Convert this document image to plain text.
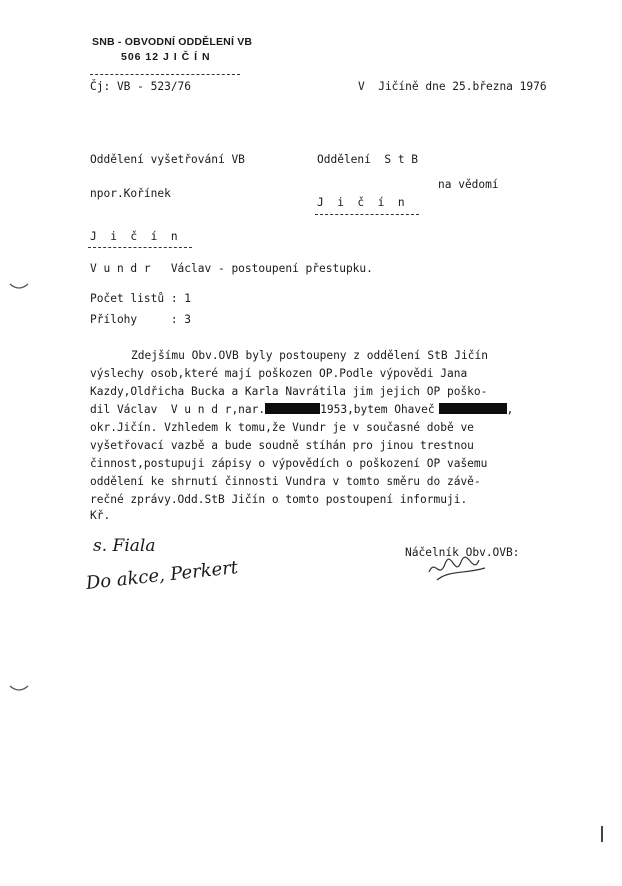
SNB - OBVODNÍ ODDĚLENÍ VB
506 12 J I Č Í N
Čj: VB - 523/76	V  Jičíně dne 25.března 1976
Oddělení vyšetřování VB	Oddělení  S t B
na vědomí
npor.Kořínek
J  i  č  í  n
J  i  č  í  n
V u n d r   Václav - postoupení přestupku.
Počet listů : 1
Přílohy     : 3
Zdejšímu Obv.OVB byly postoupeny z oddělení StB Jičín
výslechy osob,které mají poškozen OP.Podle výpovědi Jana
Kazdy,Oldřicha Bucka a Karla Navrátila jim jejich OP poško-
dil Václav  V u n d r,nar.	1953,bytem Ohaveč	,
okr.Jičín. Vzhledem k tomu,že Vundr je v současné době ve
vyšetřovací vazbě a bude soudně stíhán pro jinou trestnou
činnost,postupuji zápisy o výpovědích o poškození OP vašemu
oddělení ke shrnutí činnosti Vundra v tomto směru do závě-
rečné zprávy.Odd.StB Jičín o tomto postoupení informuji.
Kř.
s. Fiala
Do akce, Perkert
Náčelník Obv.OVB:
